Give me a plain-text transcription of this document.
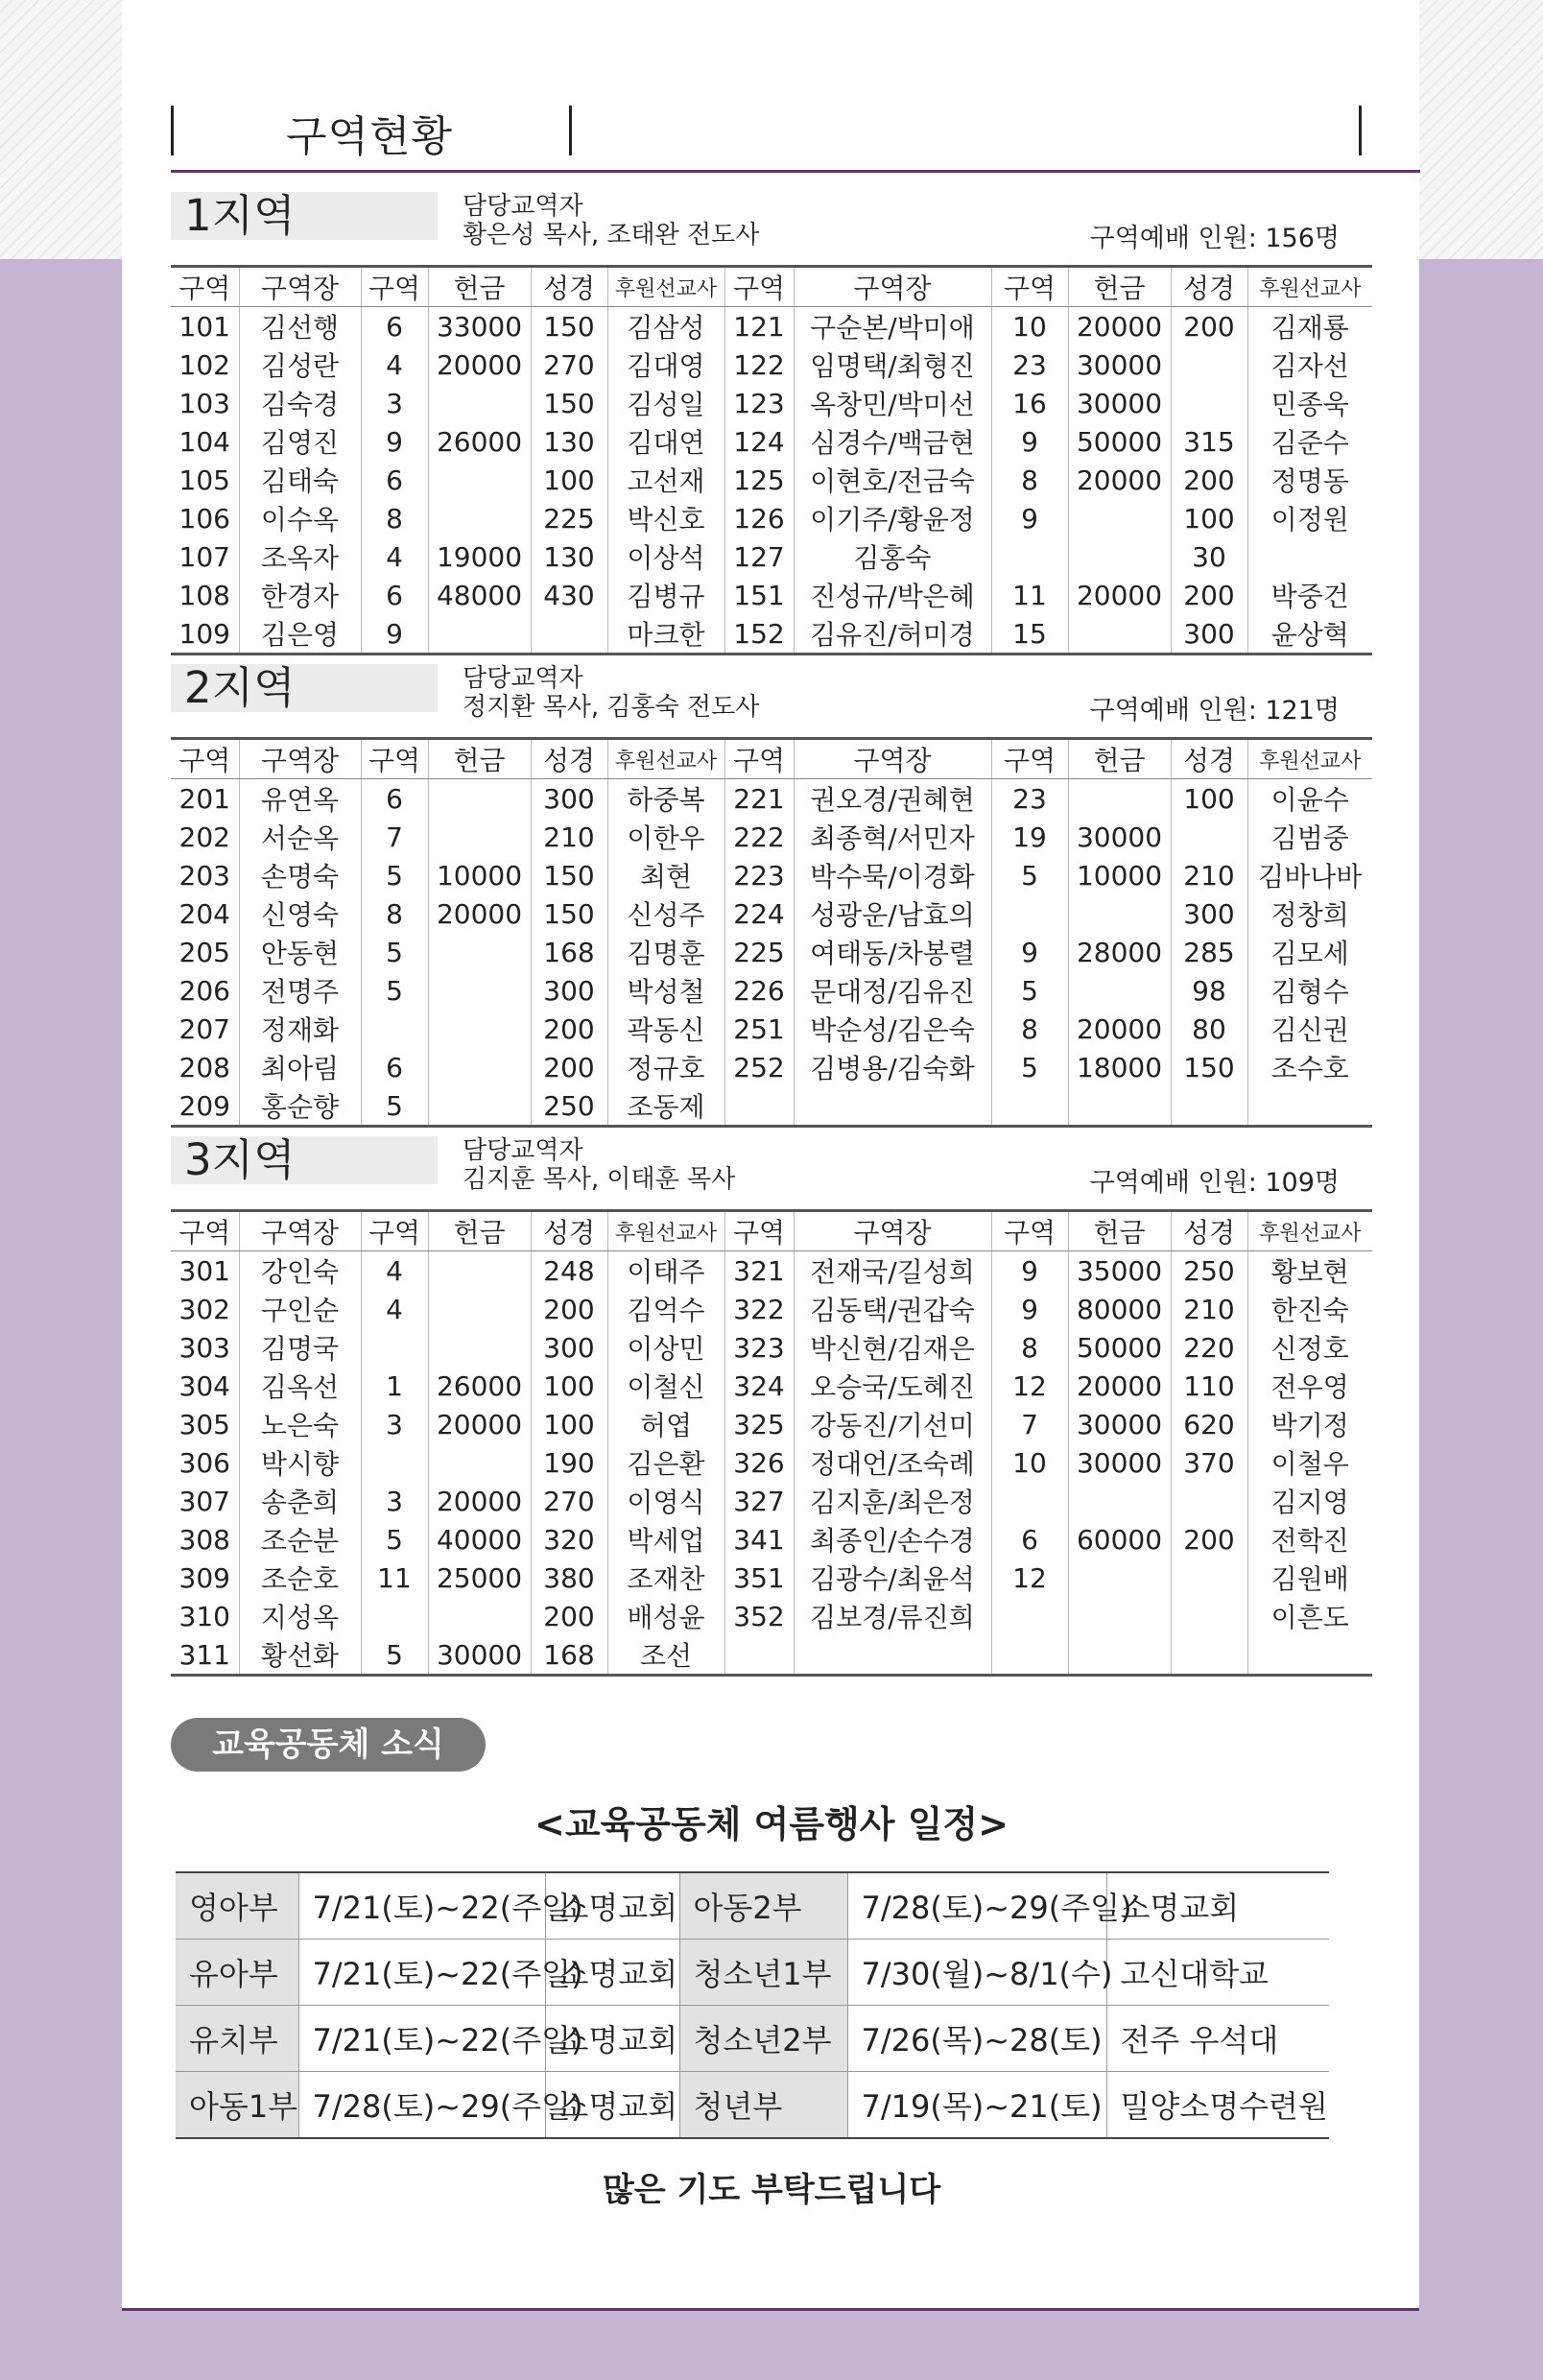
구역현황
1지역	담당교역자
황은성 목사, 조태완 전도사	구역예배 인원: 156명
구역	구역장	구역	헌금	성경	후원선교사	구역	구역장	구역	헌금	성경	후원선교사
101	김선행	6	33000	150	김삼성	121	구순본/박미애	10	20000	200	김재룡
102	김성란	4	20000	270	김대영	122	임명택/최형진	23	30000		김자선
103	김숙경	3		150	김성일	123	옥창민/박미선	16	30000		민종욱
104	김영진	9	26000	130	김대연	124	심경수/백금현	9	50000	315	김준수
105	김태숙	6		100	고선재	125	이현호/전금숙	8	20000	200	정명동
106	이수옥	8		225	박신호	126	이기주/황윤정	9		100	이정원
107	조옥자	4	19000	130	이상석	127	김홍숙			30	
108	한경자	6	48000	430	김병규	151	진성규/박은혜	11	20000	200	박중건
109	김은영	9			마크한	152	김유진/허미경	15		300	윤상혁
2지역	담당교역자
정지환 목사, 김홍숙 전도사	구역예배 인원: 121명
구역	구역장	구역	헌금	성경	후원선교사	구역	구역장	구역	헌금	성경	후원선교사
201	유연옥	6		300	하중복	221	권오경/권혜현	23		100	이윤수
202	서순옥	7		210	이한우	222	최종혁/서민자	19	30000		김범중
203	손명숙	5	10000	150	최현	223	박수묵/이경화	5	10000	210	김바나바
204	신영숙	8	20000	150	신성주	224	성광운/남효의			300	정창희
205	안동현	5		168	김명훈	225	여태동/차봉렬	9	28000	285	김모세
206	전명주	5		300	박성철	226	문대정/김유진	5		98	김형수
207	정재화			200	곽동신	251	박순성/김은숙	8	20000	80	김신권
208	최아림	6		200	정규호	252	김병용/김숙화	5	18000	150	조수호
209	홍순향	5		250	조동제						
3지역	담당교역자
김지훈 목사, 이태훈 목사	구역예배 인원: 109명
구역	구역장	구역	헌금	성경	후원선교사	구역	구역장	구역	헌금	성경	후원선교사
301	강인숙	4		248	이태주	321	전재국/길성희	9	35000	250	황보현
302	구인순	4		200	김억수	322	김동택/권갑숙	9	80000	210	한진숙
303	김명국			300	이상민	323	박신현/김재은	8	50000	220	신정호
304	김옥선	1	26000	100	이철신	324	오승국/도혜진	12	20000	110	전우영
305	노은숙	3	20000	100	허엽	325	강동진/기선미	7	30000	620	박기정
306	박시향			190	김은환	326	정대언/조숙례	10	30000	370	이철우
307	송춘희	3	20000	270	이영식	327	김지훈/최은정				김지영
308	조순분	5	40000	320	박세업	341	최종인/손수경	6	60000	200	전학진
309	조순호	11	25000	380	조재찬	351	김광수/최윤석	12			김원배
310	지성옥			200	배성윤	352	김보경/류진희				이흔도
311	황선화	5	30000	168	조선						
교육공동체 소식
<교육공동체 여름행사 일정>
영아부	7/21(토)~22(주일)	소명교회	아동2부	7/28(토)~29(주일)	소명교회
유아부	7/21(토)~22(주일)	소명교회	청소년1부	7/30(월)~8/1(수)	고신대학교
유치부	7/21(토)~22(주일)	소명교회	청소년2부	7/26(목)~28(토)	전주 우석대
아동1부	7/28(토)~29(주일)	소명교회	청년부	7/19(목)~21(토)	밀양소명수련원
많은 기도 부탁드립니다
